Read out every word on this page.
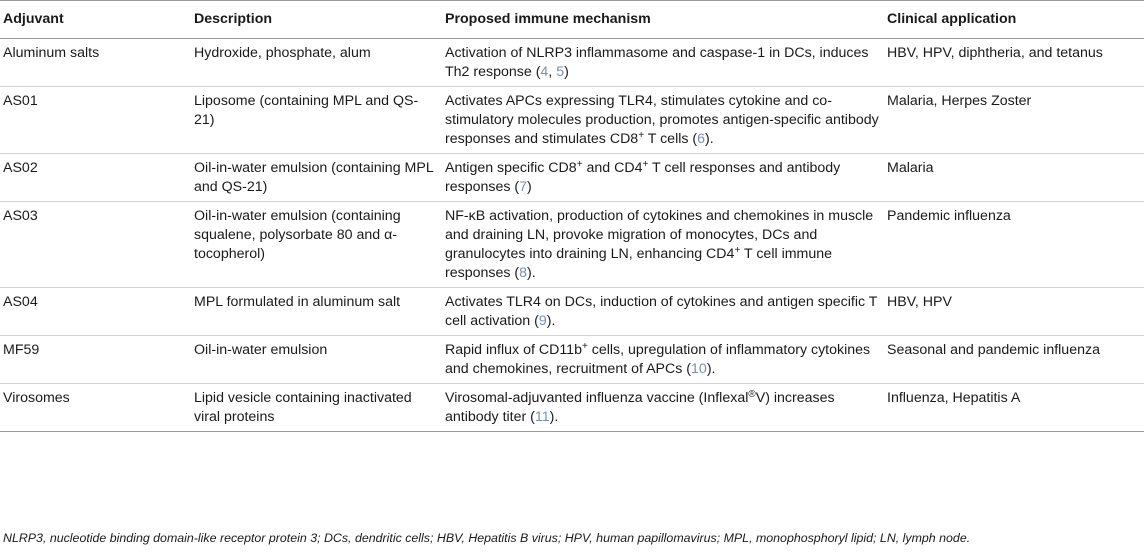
Adjuvant	Description	Proposed immune mechanism	Clinical application
Aluminum salts	Hydroxide, phosphate, alum	Activation of NLRP3 inflammasome and caspase-1 in DCs, induces Th2 response (4, 5)	HBV, HPV, diphtheria, and tetanus
AS01	Liposome (containing MPL and QS-21)	Activates APCs expressing TLR4, stimulates cytokine and co-stimulatory molecules production, promotes antigen-specific antibody responses and stimulates CD8+ T cells (6).	Malaria, Herpes Zoster
AS02	Oil-in-water emulsion (containing MPL and QS-21)	Antigen specific CD8+ and CD4+ T cell responses and antibody responses (7)	Malaria
AS03	Oil-in-water emulsion (containing squalene, polysorbate 80 and α-tocopherol)	NF-κB activation, production of cytokines and chemokines in muscle and draining LN, provoke migration of monocytes, DCs and granulocytes into draining LN, enhancing CD4+ T cell immune responses (8).	Pandemic influenza
AS04	MPL formulated in aluminum salt	Activates TLR4 on DCs, induction of cytokines and antigen specific T cell activation (9).	HBV, HPV
MF59	Oil-in-water emulsion	Rapid influx of CD11b+ cells, upregulation of inflammatory cytokines and chemokines, recruitment of APCs (10).	Seasonal and pandemic influenza
Virosomes	Lipid vesicle containing inactivated viral proteins	Virosomal-adjuvanted influenza vaccine (Inflexal®V) increases antibody titer (11).	Influenza, Hepatitis A
NLRP3, nucleotide binding domain-like receptor protein 3; DCs, dendritic cells; HBV, Hepatitis B virus; HPV, human papillomavirus; MPL, monophosphoryl lipid; LN, lymph node.
